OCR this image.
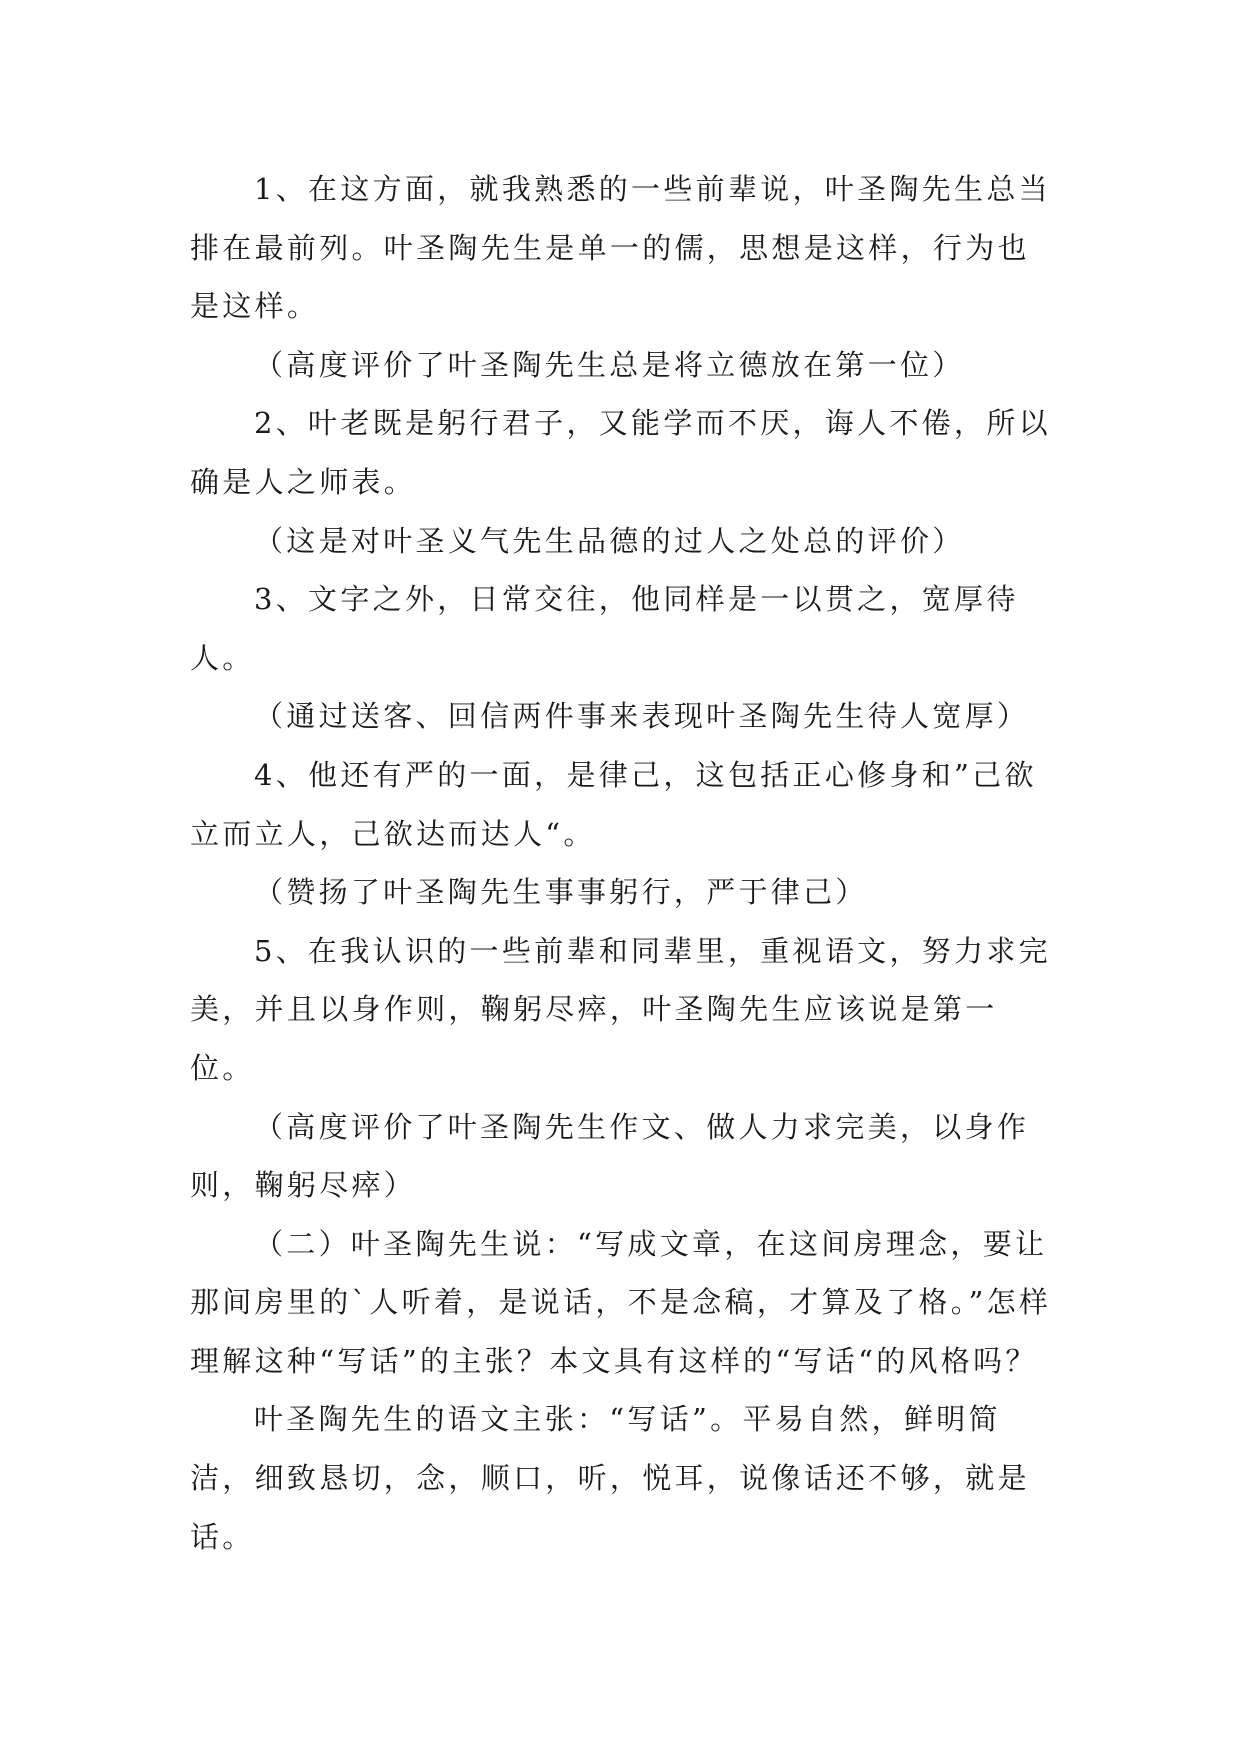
1、在这方面，就我熟悉的一些前辈说，叶圣陶先生总当排在最前列。叶圣陶先生是单一的儒，思想是这样，行为也是这样。

（高度评价了叶圣陶先生总是将立德放在第一位）

2、叶老既是躬行君子，又能学而不厌，诲人不倦，所以确是人之师表。

（这是对叶圣义气先生品德的过人之处总的评价）

3、文字之外，日常交往，他同样是一以贯之，宽厚待人。

（通过送客、回信两件事来表现叶圣陶先生待人宽厚）

4、他还有严的一面，是律己，这包括正心修身和”己欲立而立人，己欲达而达人“。

（赞扬了叶圣陶先生事事躬行，严于律己）

5、在我认识的一些前辈和同辈里，重视语文，努力求完美，并且以身作则，鞠躬尽瘁，叶圣陶先生应该说是第一位。

（高度评价了叶圣陶先生作文、做人力求完美，以身作则，鞠躬尽瘁）

（二）叶圣陶先生说：“写成文章，在这间房理念，要让那间房里的`人听着，是说话，不是念稿，才算及了格。”怎样理解这种“写话”的主张？本文具有这样的“写话“的风格吗？

叶圣陶先生的语文主张：“写话”。平易自然，鲜明简洁，细致恳切，念，顺口，听，悦耳，说像话还不够，就是话。
